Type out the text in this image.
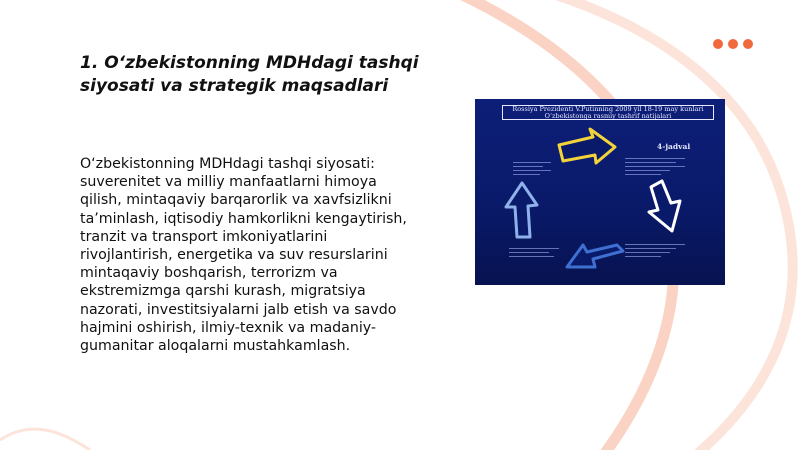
1. O‘zbekistonning MDHdagi tashqi siyosati va strategik maqsadlari

O‘zbekistonning MDHdagi tashqi siyosati: suverenitet va milliy manfaatlarni himoya qilish, mintaqaviy barqarorlik va xavfsizlikni ta’minlash, iqtisodiy hamkorlikni kengaytirish, tranzit va transport imkoniyatlarini rivojlantirish, energetika va suv resurslarini mintaqaviy boshqarish, terrorizm va ekstremizmga qarshi kurash, migratsiya nazorati, investitsiyalarni jalb etish va savdo hajmini oshirish, ilmiy-texnik va madaniy-gumanitar aloqalarni mustahkamlash.

Rossiya Prezidenti V.Putinning 2009 yil 18-19 may kunlari
O‘zbekistonga rasmiy tashrif natijalari
4-jadval
